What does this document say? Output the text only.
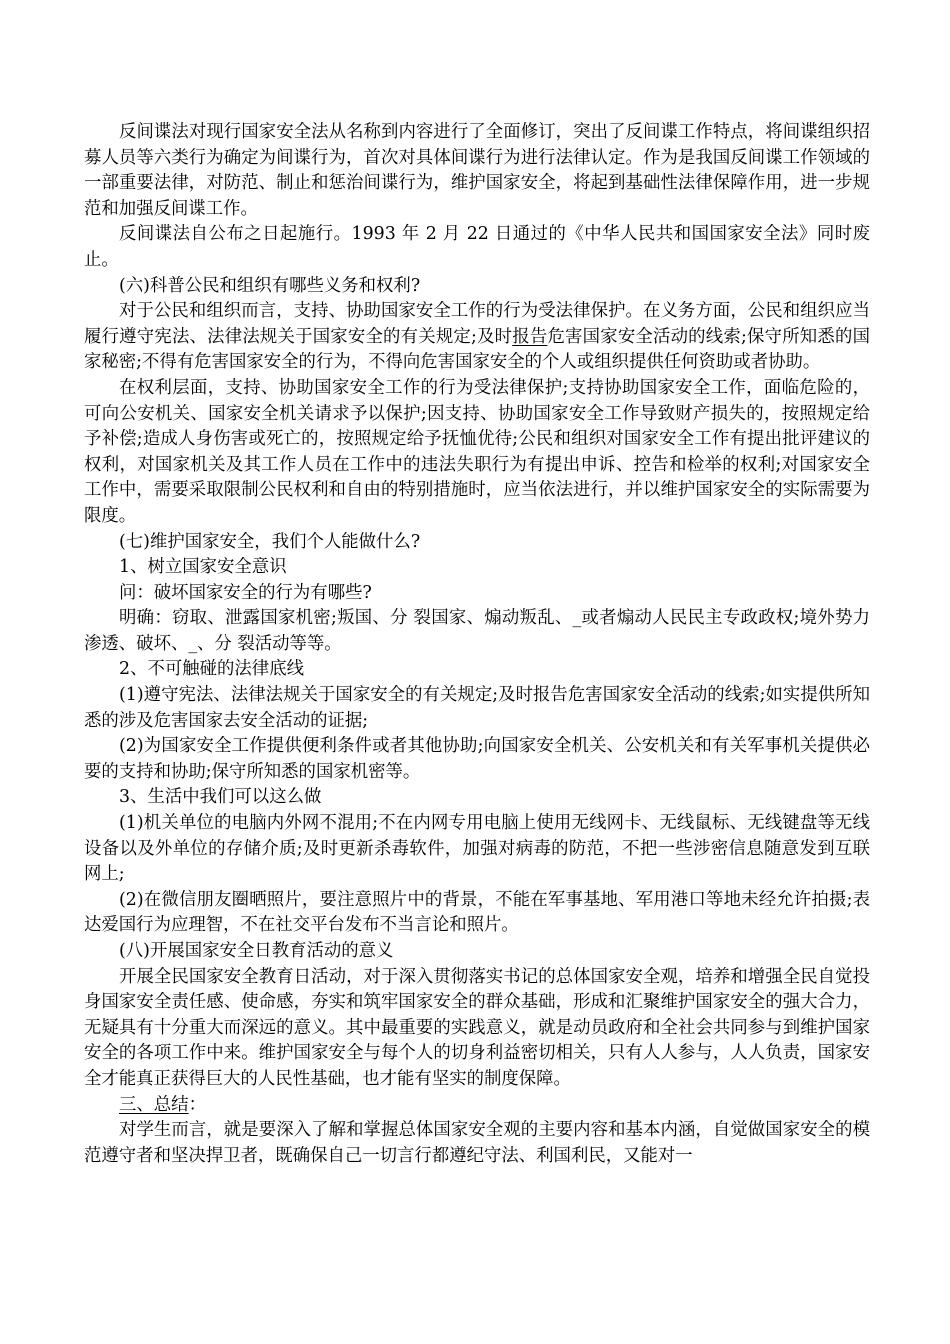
反间谍法对现行国家安全法从名称到内容进行了全面修订，突出了反间谍工作特点，将间谍组织招募人员等六类行为确定为间谍行为，首次对具体间谍行为进行法律认定。作为是我国反间谍工作领域的一部重要法律，对防范、制止和惩治间谍行为，维护国家安全，将起到基础性法律保障作用，进一步规范和加强反间谍工作。

反间谍法自公布之日起施行。1993 年 2 月 22 日通过的《中华人民共和国国家安全法》同时废止。

(六)科普公民和组织有哪些义务和权利?

对于公民和组织而言，支持、协助国家安全工作的行为受法律保护。在义务方面，公民和组织应当履行遵守宪法、法律法规关于国家安全的有关规定;及时报告危害国家安全活动的线索;保守所知悉的国家秘密;不得有危害国家安全的行为，不得向危害国家安全的个人或组织提供任何资助或者协助。

在权利层面，支持、协助国家安全工作的行为受法律保护;支持协助国家安全工作，面临危险的，可向公安机关、国家安全机关请求予以保护;因支持、协助国家安全工作导致财产损失的，按照规定给予补偿;造成人身伤害或死亡的，按照规定给予抚恤优待;公民和组织对国家安全工作有提出批评建议的权利，对国家机关及其工作人员在工作中的违法失职行为有提出申诉、控告和检举的权利;对国家安全工作中，需要采取限制公民权利和自由的特别措施时，应当依法进行，并以维护国家安全的实际需要为限度。

(七)维护国家安全，我们个人能做什么?

1、树立国家安全意识

问：破坏国家安全的行为有哪些?

明确：窃取、泄露国家机密;叛国、分 裂国家、煽动叛乱、_或者煽动人民民主专政政权;境外势力渗透、破坏、_、分 裂活动等等。

2、不可触碰的法律底线

(1)遵守宪法、法律法规关于国家安全的有关规定;及时报告危害国家安全活动的线索;如实提供所知悉的涉及危害国家去安全活动的证据;

(2)为国家安全工作提供便利条件或者其他协助;向国家安全机关、公安机关和有关军事机关提供必要的支持和协助;保守所知悉的国家机密等。

3、生活中我们可以这么做

(1)机关单位的电脑内外网不混用;不在内网专用电脑上使用无线网卡、无线鼠标、无线键盘等无线设备以及外单位的存储介质;及时更新杀毒软件，加强对病毒的防范，不把一些涉密信息随意发到互联网上;

(2)在微信朋友圈晒照片，要注意照片中的背景，不能在军事基地、军用港口等地未经允许拍摄;表达爱国行为应理智，不在社交平台发布不当言论和照片。

(八)开展国家安全日教育活动的意义

开展全民国家安全教育日活动，对于深入贯彻落实书记的总体国家安全观，培养和增强全民自觉投身国家安全责任感、使命感，夯实和筑牢国家安全的群众基础，形成和汇聚维护国家安全的强大合力，无疑具有十分重大而深远的意义。其中最重要的实践意义，就是动员政府和全社会共同参与到维护国家安全的各项工作中来。维护国家安全与每个人的切身利益密切相关，只有人人参与，人人负责，国家安全才能真正获得巨大的人民性基础，也才能有坚实的制度保障。

三、总结：

对学生而言，就是要深入了解和掌握总体国家安全观的主要内容和基本内涵，自觉做国家安全的模范遵守者和坚决捍卫者，既确保自己一切言行都遵纪守法、利国利民，又能对一
